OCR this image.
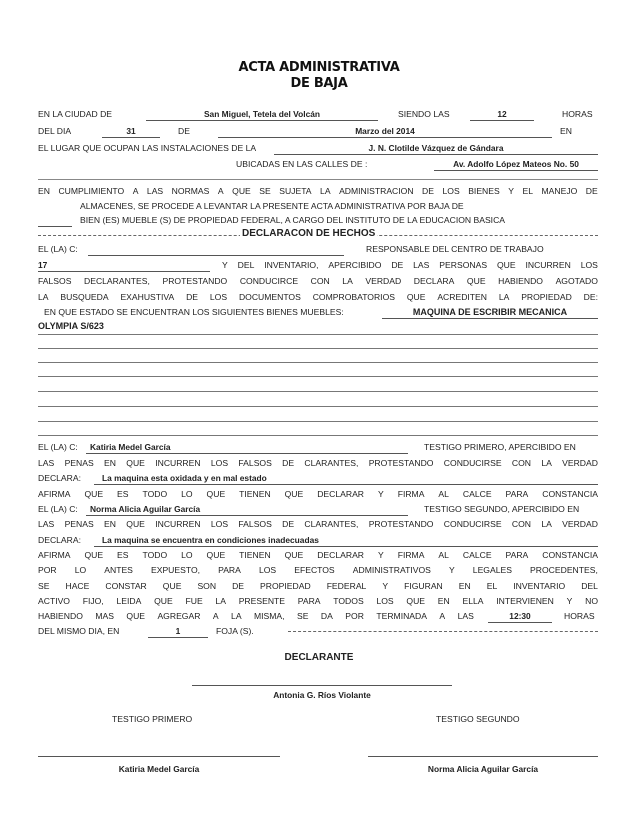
ACTA ADMINISTRATIVA
DE BAJA
EN LA CIUDAD DE	San Miguel, Tetela del Volcán	SIENDO LAS	12	HORAS
DEL DIA	31	DE	Marzo del 2014	EN
EL LUGAR QUE OCUPAN LAS INSTALACIONES DE LA	J. N. Clotilde Vázquez de Gándara
UBICADAS EN LAS CALLES DE :	Av. Adolfo López Mateos No. 50
EN CUMPLIMIENTO A LAS NORMAS A QUE SE SUJETA LA ADMINISTRACION DE LOS BIENES Y EL MANEJO DE
ALMACENES, SE PROCEDE A LEVANTAR LA PRESENTE ACTA ADMINISTRATIVA POR BAJA DE
BIEN (ES) MUEBLE (S) DE PROPIEDAD FEDERAL, A CARGO DEL INSTITUTO DE LA EDUCACION BASICA
DECLARACON DE HECHOS
EL (LA) C:	RESPONSABLE DEL CENTRO DE TRABAJO
17	Y DEL INVENTARIO, APERCIBIDO DE LAS PERSONAS QUE INCURREN LOS
FALSOS DECLARANTES, PROTESTANDO CONDUCIRCE CON LA VERDAD DECLARA QUE HABIENDO AGOTADO
LA BUSQUEDA EXAHUSTIVA DE LOS DOCUMENTOS COMPROBATORIOS QUE ACREDITEN LA PROPIEDAD DE:
EN QUE ESTADO SE ENCUENTRAN LOS SIGUIENTES BIENES MUEBLES:	MAQUINA DE ESCRIBIR MECANICA
OLYMPIA S/623
EL (LA) C: Katiria Medel García	TESTIGO PRIMERO, APERCIBIDO EN
LAS PENAS EN QUE INCURREN LOS FALSOS DE CLARANTES, PROTESTANDO CONDUCIRSE CON LA VERDAD
DECLARA:	La maquina esta oxidada y en mal estado
AFIRMA QUE ES TODO LO QUE TIENEN QUE DECLARAR Y FIRMA AL CALCE PARA CONSTANCIA
EL (LA) C: Norma Alicia Aguilar García	TESTIGO SEGUNDO, APERCIBIDO EN
LAS PENAS EN QUE INCURREN LOS FALSOS DE CLARANTES, PROTESTANDO CONDUCIRSE CON LA VERDAD
DECLARA:	La maquina se encuentra en condiciones inadecuadas
AFIRMA QUE ES TODO LO QUE TIENEN QUE DECLARAR Y FIRMA AL CALCE PARA CONSTANCIA
POR LO ANTES EXPUESTO, PARA LOS EFECTOS ADMINISTRATIVOS Y LEGALES PROCEDENTES,
SE HACE CONSTAR QUE SON DE PROPIEDAD FEDERAL Y FIGURAN EN EL INVENTARIO DEL
ACTIVO FIJO, LEIDA QUE FUE LA PRESENTE PARA TODOS LOS QUE EN ELLA INTERVIENEN Y NO
HABIENDO MAS QUE AGREGAR A LA MISMA, SE DA POR TERMINADA A LAS	12:30	HORAS
DEL MISMO DIA, EN	1	FOJA (S).
DECLARANTE
Antonia G. Ríos Violante
TESTIGO PRIMERO	TESTIGO SEGUNDO
Katiria Medel García	Norma Alicia Aguilar García
